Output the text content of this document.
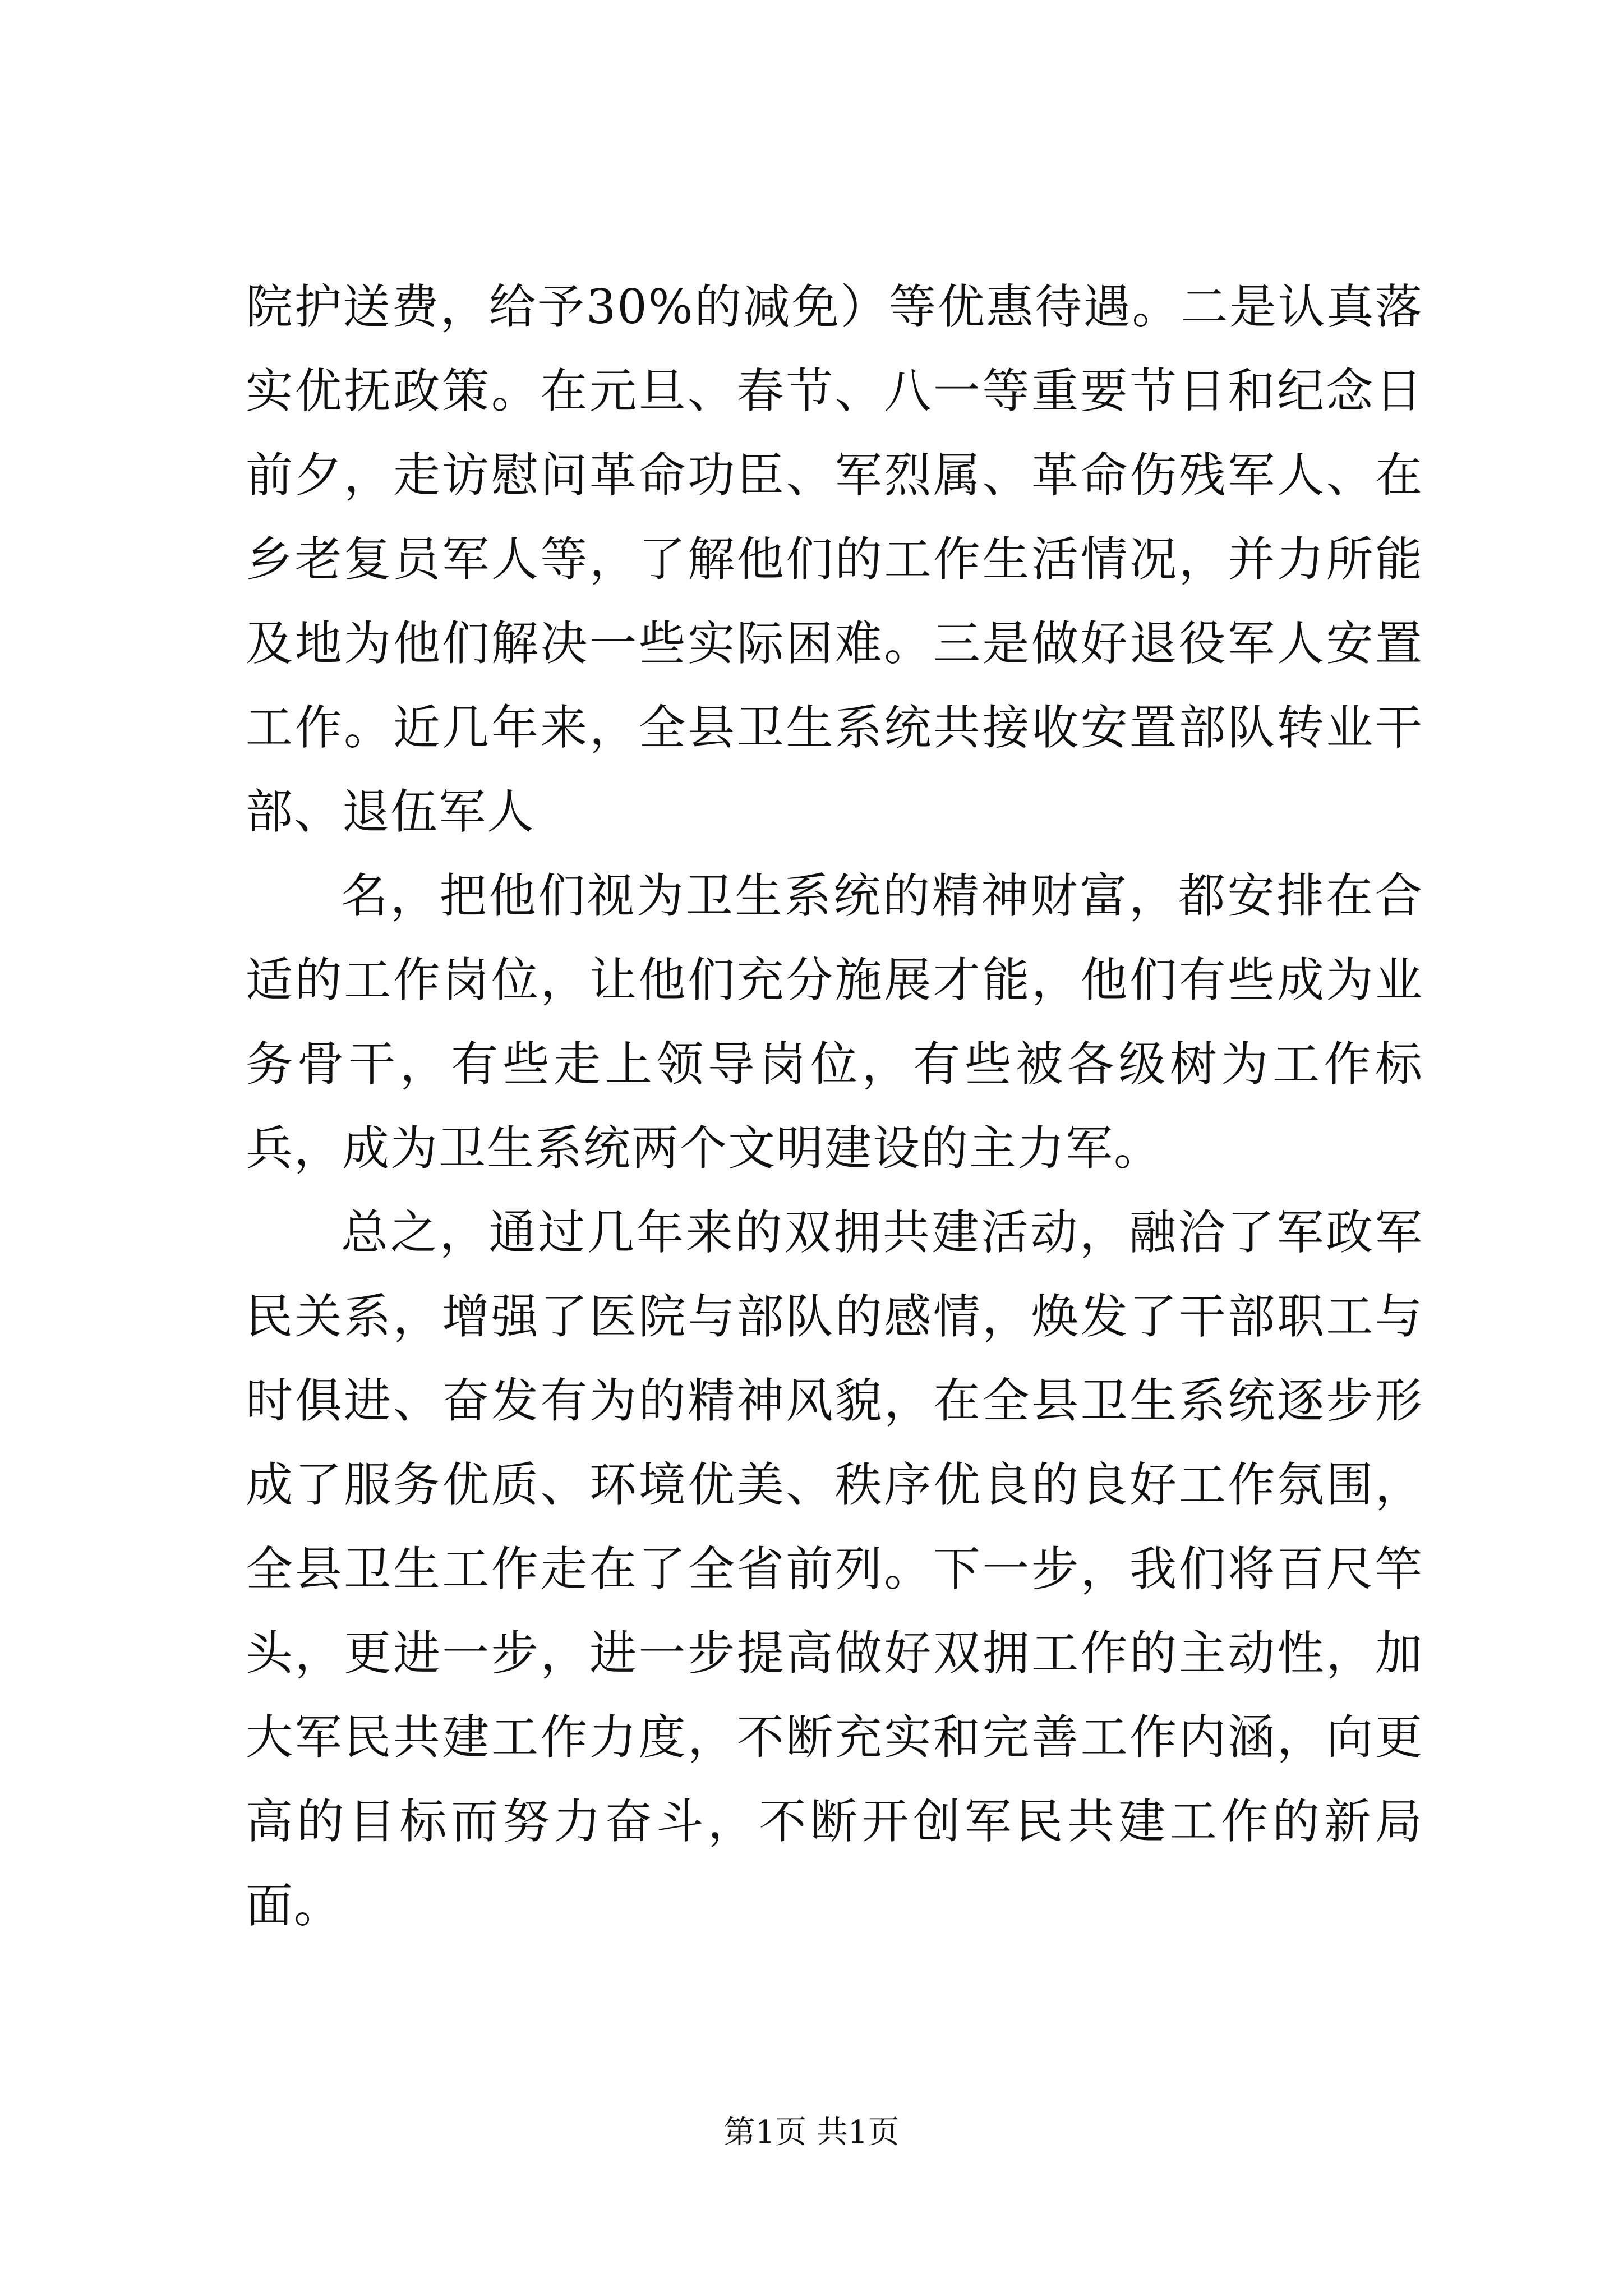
院护送费，给予30%的减免）等优惠待遇。二是认真落实优抚政策。在元旦、春节、八一等重要节日和纪念日前夕，走访慰问革命功臣、军烈属、革命伤残军人、在乡老复员军人等，了解他们的工作生活情况，并力所能及地为他们解决一些实际困难。三是做好退役军人安置工作。近几年来，全县卫生系统共接收安置部队转业干部、退伍军人

名，把他们视为卫生系统的精神财富，都安排在合适的工作岗位，让他们充分施展才能，他们有些成为业务骨干，有些走上领导岗位，有些被各级树为工作标兵，成为卫生系统两个文明建设的主力军。

总之，通过几年来的双拥共建活动，融洽了军政军民关系，增强了医院与部队的感情，焕发了干部职工与时俱进、奋发有为的精神风貌，在全县卫生系统逐步形成了服务优质、环境优美、秩序优良的良好工作氛围，全县卫生工作走在了全省前列。下一步，我们将百尺竿头，更进一步，进一步提高做好双拥工作的主动性，加大军民共建工作力度，不断充实和完善工作内涵，向更高的目标而努力奋斗，不断开创军民共建工作的新局面。

第1页 共1页
